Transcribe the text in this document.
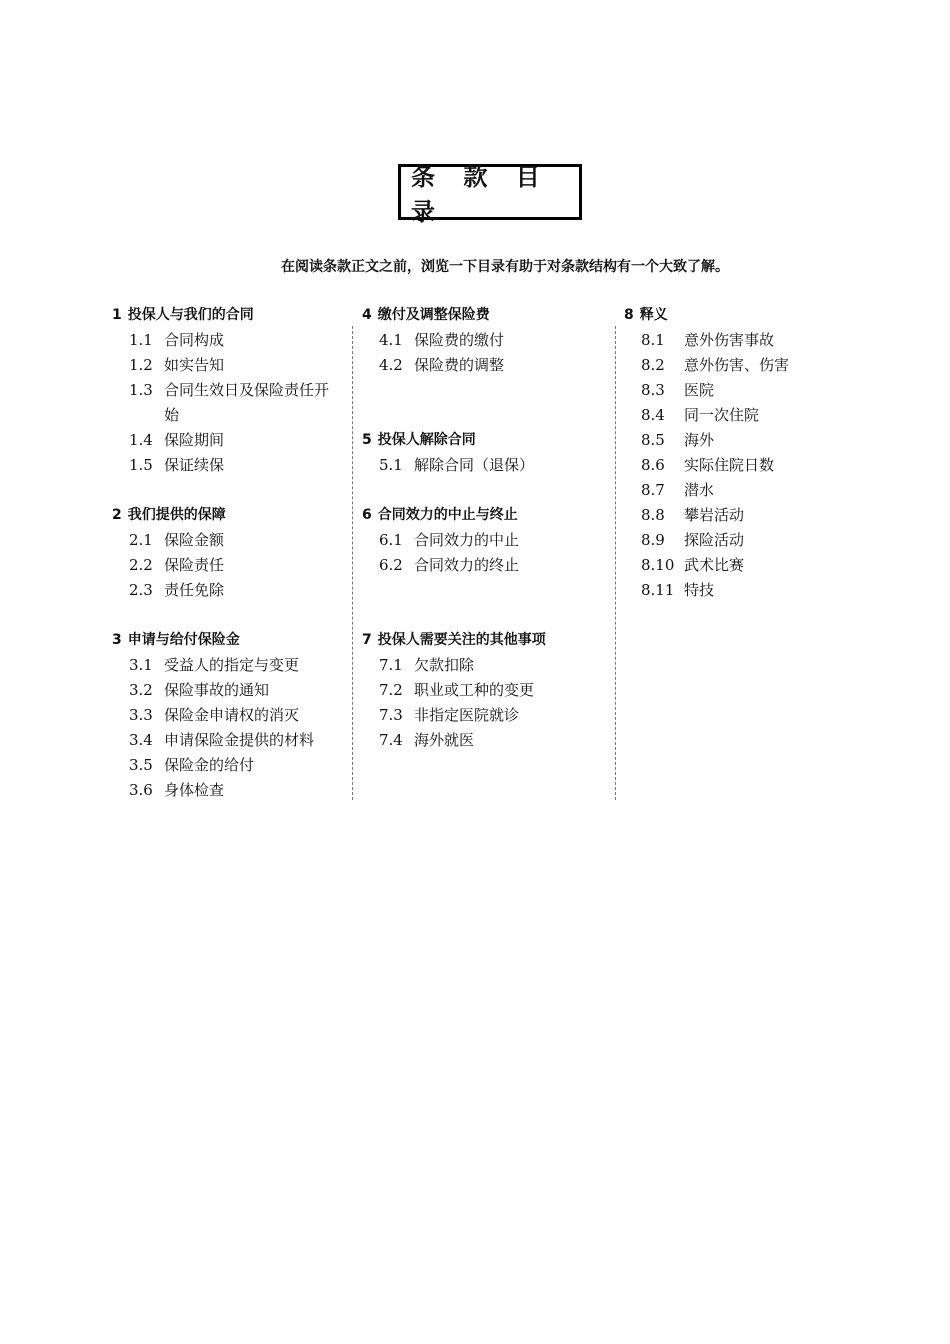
条 款 目 录
在阅读条款正文之前，浏览一下目录有助于对条款结构有一个大致了解。
1 投保人与我们的合同
1.1 合同构成
1.2 如实告知
1.3 合同生效日及保险责任开始
1.4 保险期间
1.5 保证续保
2 我们提供的保障
2.1 保险金额
2.2 保险责任
2.3 责任免除
3 申请与给付保险金
3.1 受益人的指定与变更
3.2 保险事故的通知
3.3 保险金申请权的消灭
3.4 申请保险金提供的材料
3.5 保险金的给付
3.6 身体检查
4 缴付及调整保险费
4.1 保险费的缴付
4.2 保险费的调整
5 投保人解除合同
5.1 解除合同（退保）
6 合同效力的中止与终止
6.1 合同效力的中止
6.2 合同效力的终止
7 投保人需要关注的其他事项
7.1 欠款扣除
7.2 职业或工种的变更
7.3 非指定医院就诊
7.4 海外就医
8 释义
8.1	意外伤害事故
8.2	意外伤害、伤害
8.3	医院
8.4	同一次住院
8.5	海外
8.6	实际住院日数
8.7	潜水
8.8	攀岩活动
8.9	探险活动
8.10 武术比赛
8.11 特技
